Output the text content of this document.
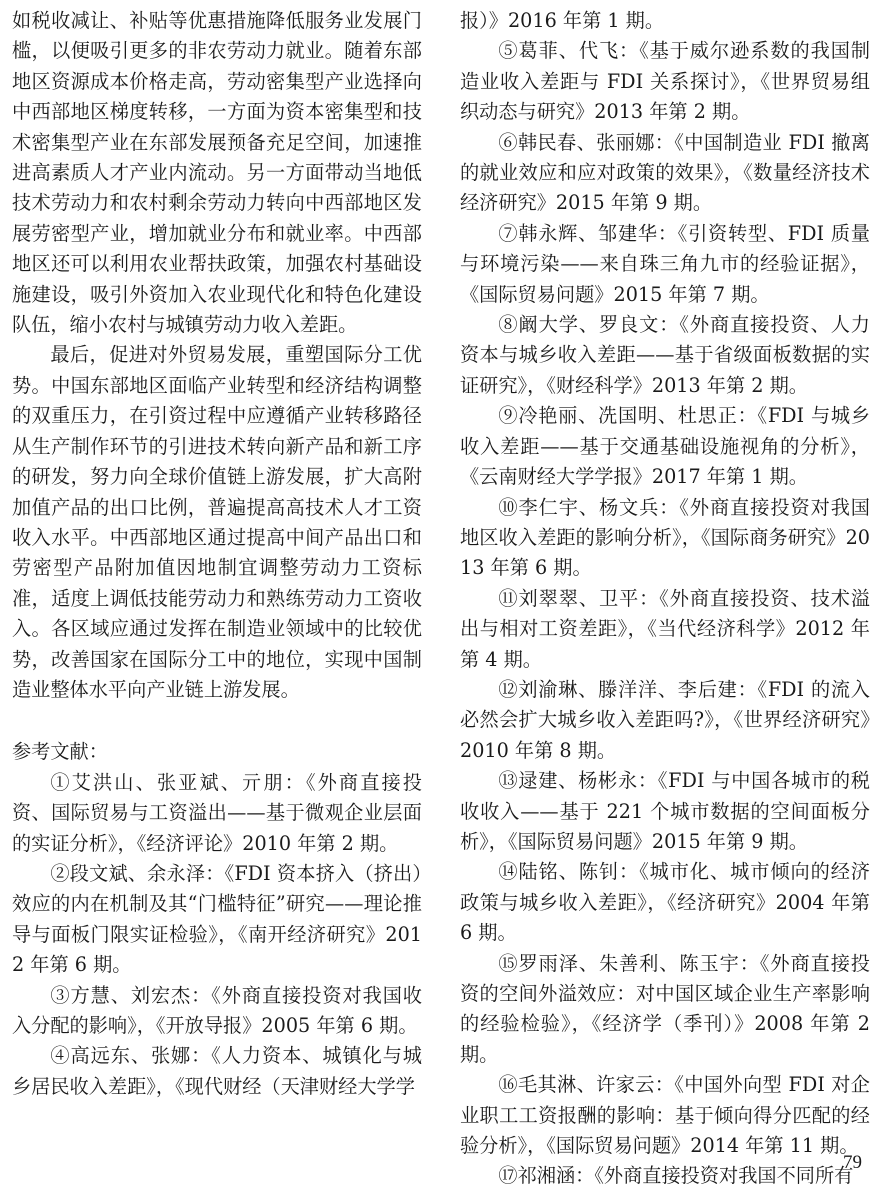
如税收减让、补贴等优惠措施降低服务业发展门槛，以便吸引更多的非农劳动力就业。随着东部地区资源成本价格走高，劳动密集型产业选择向中西部地区梯度转移，一方面为资本密集型和技术密集型产业在东部发展预备充足空间，加速推进高素质人才产业内流动。另一方面带动当地低技术劳动力和农村剩余劳动力转向中西部地区发展劳密型产业，增加就业分布和就业率。中西部地区还可以利用农业帮扶政策，加强农村基础设施建设，吸引外资加入农业现代化和特色化建设队伍，缩小农村与城镇劳动力收入差距。

最后，促进对外贸易发展，重塑国际分工优势。中国东部地区面临产业转型和经济结构调整的双重压力，在引资过程中应遵循产业转移路径从生产制作环节的引进技术转向新产品和新工序的研发，努力向全球价值链上游发展，扩大高附加值产品的出口比例，普遍提高高技术人才工资收入水平。中西部地区通过提高中间产品出口和劳密型产品附加值因地制宜调整劳动力工资标准，适度上调低技能劳动力和熟练劳动力工资收入。各区域应通过发挥在制造业领域中的比较优势，改善国家在国际分工中的地位，实现中国制造业整体水平向产业链上游发展。

参考文献：

①艾洪山、张亚斌、亓朋：《外商直接投资、国际贸易与工资溢出——基于微观企业层面的实证分析》，《经济评论》2010 年第 2 期。

②段文斌、余永泽：《FDI 资本挤入（挤出）效应的内在机制及其“门槛特征”研究——理论推导与面板门限实证检验》，《南开经济研究》2012 年第 6 期。

③方慧、刘宏杰：《外商直接投资对我国收入分配的影响》，《开放导报》2005 年第 6 期。

④高远东、张娜：《人力资本、城镇化与城乡居民收入差距》，《现代财经（天津财经大学学

报）》2016 年第 1 期。

⑤葛菲、代飞：《基于威尔逊系数的我国制造业收入差距与 FDI 关系探讨》，《世界贸易组织动态与研究》2013 年第 2 期。

⑥韩民春、张丽娜：《中国制造业 FDI 撤离的就业效应和应对政策的效果》，《数量经济技术经济研究》2015 年第 9 期。

⑦韩永辉、邹建华：《引资转型、FDI 质量与环境污染——来自珠三角九市的经验证据》，《国际贸易问题》2015 年第 7 期。

⑧阚大学、罗良文：《外商直接投资、人力资本与城乡收入差距——基于省级面板数据的实证研究》，《财经科学》2013 年第 2 期。

⑨冷艳丽、冼国明、杜思正：《FDI 与城乡收入差距——基于交通基础设施视角的分析》，《云南财经大学学报》2017 年第 1 期。

⑩李仁宇、杨文兵：《外商直接投资对我国地区收入差距的影响分析》，《国际商务研究》2013 年第 6 期。

⑪刘翠翠、卫平：《外商直接投资、技术溢出与相对工资差距》，《当代经济科学》2012 年第 4 期。

⑫刘渝琳、滕洋洋、李后建：《FDI 的流入必然会扩大城乡收入差距吗?》，《世界经济研究》2010 年第 8 期。

⑬逯建、杨彬永：《FDI 与中国各城市的税收收入——基于 221 个城市数据的空间面板分析》，《国际贸易问题》2015 年第 9 期。

⑭陆铭、陈钊：《城市化、城市倾向的经济政策与城乡收入差距》，《经济研究》2004 年第 6 期。

⑮罗雨泽、朱善利、陈玉宇：《外商直接投资的空间外溢效应：对中国区域企业生产率影响的经验检验》，《经济学（季刊）》2008 年第 2 期。

⑯毛其淋、许家云：《中国外向型 FDI 对企业职工工资报酬的影响：基于倾向得分匹配的经验分析》，《国际贸易问题》2014 年第 11 期。

⑰祁湘涵：《外商直接投资对我国不同所有

79
